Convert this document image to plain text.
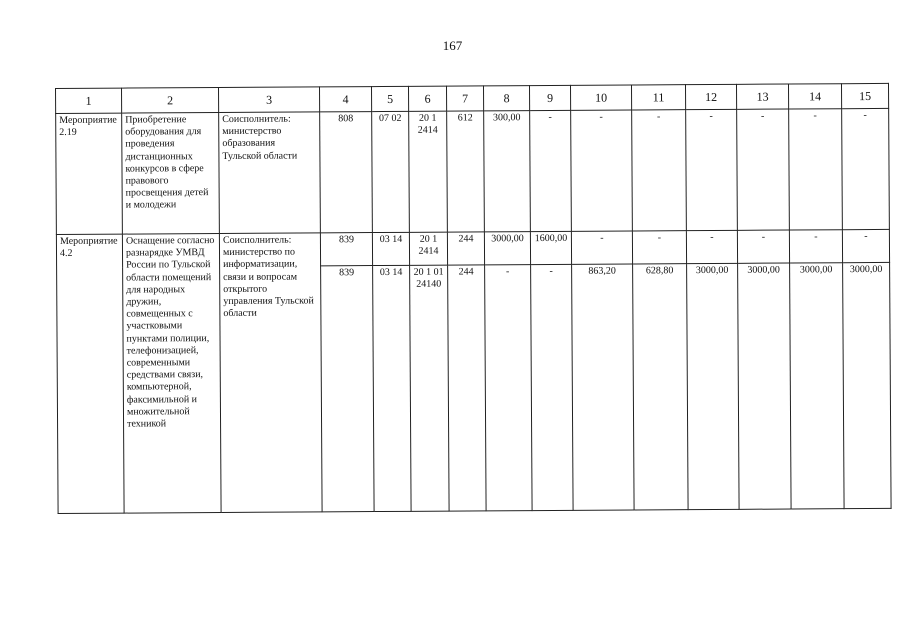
167
1	2	3	4	5	6	7	8	9	10	11	12	13	14	15
Мероприятие 2.19	Приобретение оборудования для проведения дистанционных конкурсов в сфере правового просвещения детей и молодежи	Соисполнитель: министерство образования Тульской области	808	07 02	20 1 2414	612	300,00	-	-	-	-	-	-	-
Мероприятие 4.2	Оснащение согласно разнарядке УМВД России по Тульской области помещений для народных дружин, совмещенных с участковыми пунктами полиции, телефонизацией, современными средствами связи, компьютерной, факсимильной и множительной техникой	Соисполнитель: министерство по информатизации, связи и вопросам открытого управления Тульской области	839	03 14	20 1 2414	244	3000,00	1600,00	-	-	-	-	-	-
			839	03 14	20 1 01 24140	244	-	-	863,20	628,80	3000,00	3000,00	3000,00	3000,00
